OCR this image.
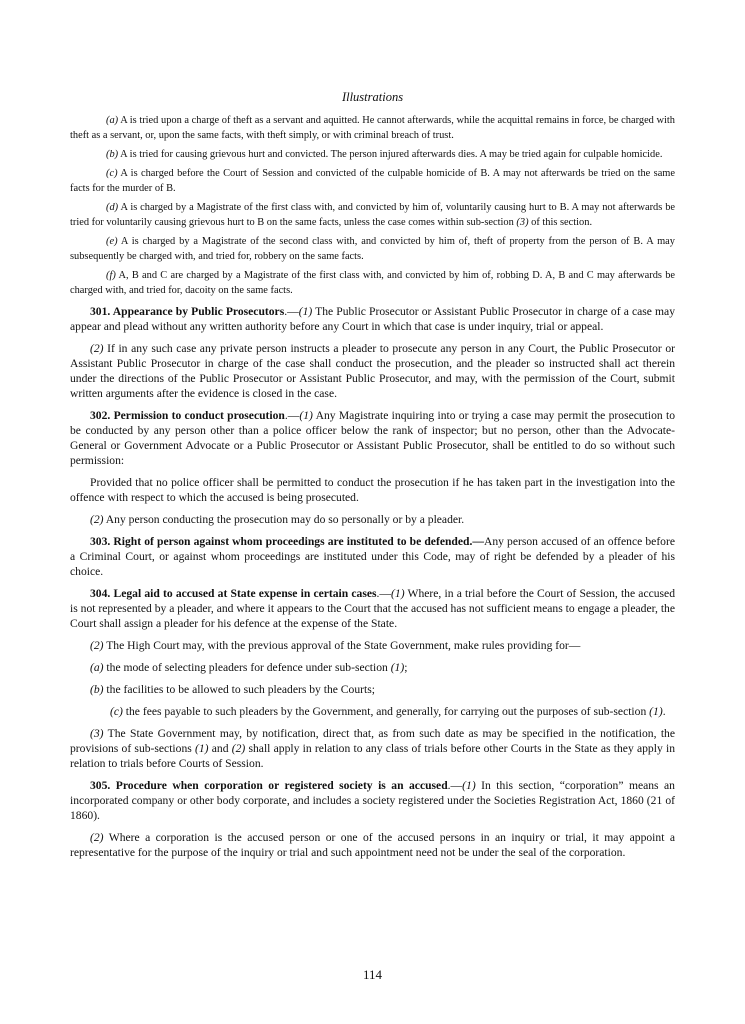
Illustrations

(a) A is tried upon a charge of theft as a servant and aquitted. He cannot afterwards, while the acquittal remains in force, be charged with theft as a servant, or, upon the same facts, with theft simply, or with criminal breach of trust.

(b) A is tried for causing grievous hurt and convicted. The person injured afterwards dies. A may be tried again for culpable homicide.

(c) A is charged before the Court of Session and convicted of the culpable homicide of B. A may not afterwards be tried on the same facts for the murder of B.

(d) A is charged by a Magistrate of the first class with, and convicted by him of, voluntarily causing hurt to B. A may not afterwards be tried for voluntarily causing grievous hurt to B on the same facts, unless the case comes within sub-section (3) of this section.

(e) A is charged by a Magistrate of the second class with, and convicted by him of, theft of property from the person of B. A may subsequently be charged with, and tried for, robbery on the same facts.

(f) A, B and C are charged by a Magistrate of the first class with, and convicted by him of, robbing D. A, B and C may afterwards be charged with, and tried for, dacoity on the same facts.

301. Appearance by Public Prosecutors.—(1) The Public Prosecutor or Assistant Public Prosecutor in charge of a case may appear and plead without any written authority before any Court in which that case is under inquiry, trial or appeal.

(2) If in any such case any private person instructs a pleader to prosecute any person in any Court, the Public Prosecutor or Assistant Public Prosecutor in charge of the case shall conduct the prosecution, and the pleader so instructed shall act therein under the directions of the Public Prosecutor or Assistant Public Prosecutor, and may, with the permission of the Court, submit written arguments after the evidence is closed in the case.

302. Permission to conduct prosecution.—(1) Any Magistrate inquiring into or trying a case may permit the prosecution to be conducted by any person other than a police officer below the rank of inspector; but no person, other than the Advocate-General or Government Advocate or a Public Prosecutor or Assistant Public Prosecutor, shall be entitled to do so without such permission:

Provided that no police officer shall be permitted to conduct the prosecution if he has taken part in the investigation into the offence with respect to which the accused is being prosecuted.

(2) Any person conducting the prosecution may do so personally or by a pleader.

303. Right of person against whom proceedings are instituted to be defended.—Any person accused of an offence before a Criminal Court, or against whom proceedings are instituted under this Code, may of right be defended by a pleader of his choice.

304. Legal aid to accused at State expense in certain cases.—(1) Where, in a trial before the Court of Session, the accused is not represented by a pleader, and where it appears to the Court that the accused has not sufficient means to engage a pleader, the Court shall assign a pleader for his defence at the expense of the State.

(2) The High Court may, with the previous approval of the State Government, make rules providing for—

(a) the mode of selecting pleaders for defence under sub-section (1);

(b) the facilities to be allowed to such pleaders by the Courts;

(c) the fees payable to such pleaders by the Government, and generally, for carrying out the purposes of sub-section (1).

(3) The State Government may, by notification, direct that, as from such date as may be specified in the notification, the provisions of sub-sections (1) and (2) shall apply in relation to any class of trials before other Courts in the State as they apply in relation to trials before Courts of Session.

305. Procedure when corporation or registered society is an accused.—(1) In this section, “corporation” means an incorporated company or other body corporate, and includes a society registered under the Societies Registration Act, 1860 (21 of 1860).

(2) Where a corporation is the accused person or one of the accused persons in an inquiry or trial, it may appoint a representative for the purpose of the inquiry or trial and such appointment need not be under the seal of the corporation.

114
